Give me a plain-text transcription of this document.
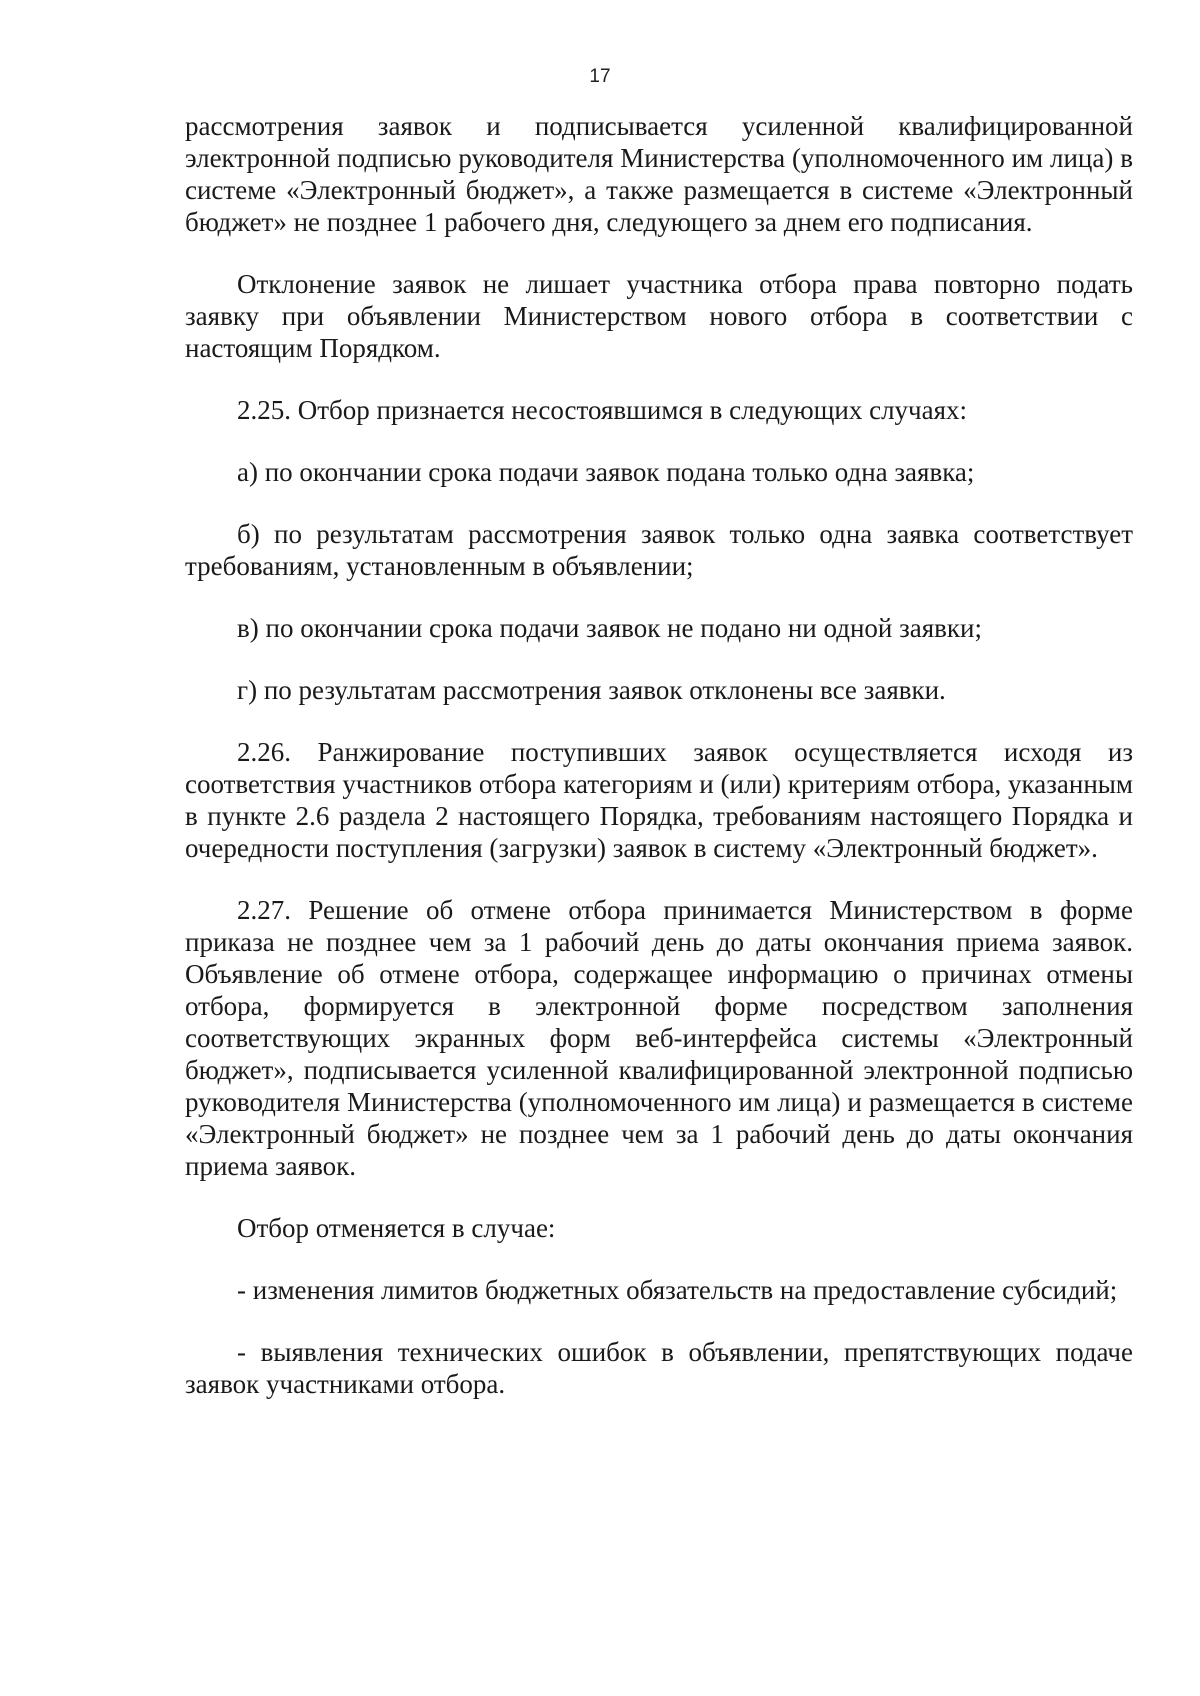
17

рассмотрения заявок и подписывается усиленной квалифицированной электронной подписью руководителя Министерства (уполномоченного им лица) в системе «Электронный бюджет», а также размещается в системе «Электронный бюджет» не позднее 1 рабочего дня, следующего за днем его подписания.

Отклонение заявок не лишает участника отбора права повторно подать заявку при объявлении Министерством нового отбора в соответствии с настоящим Порядком.

2.25. Отбор признается несостоявшимся в следующих случаях:

а) по окончании срока подачи заявок подана только одна заявка;

б) по результатам рассмотрения заявок только одна заявка соответствует требованиям, установленным в объявлении;

в) по окончании срока подачи заявок не подано ни одной заявки;

г) по результатам рассмотрения заявок отклонены все заявки.

2.26. Ранжирование поступивших заявок осуществляется исходя из соответствия участников отбора категориям и (или) критериям отбора, указанным в пункте 2.6 раздела 2 настоящего Порядка, требованиям настоящего Порядка и очередности поступления (загрузки) заявок в систему «Электронный бюджет».

2.27. Решение об отмене отбора принимается Министерством в форме приказа не позднее чем за 1 рабочий день до даты окончания приема заявок. Объявление об отмене отбора, содержащее информацию о причинах отмены отбора, формируется в электронной форме посредством заполнения соответствующих экранных форм веб-интерфейса системы «Электронный бюджет», подписывается усиленной квалифицированной электронной подписью руководителя Министерства (уполномоченного им лица) и размещается в системе «Электронный бюджет» не позднее чем за 1 рабочий день до даты окончания приема заявок.

Отбор отменяется в случае:

- изменения лимитов бюджетных обязательств на предоставление субсидий;

- выявления технических ошибок в объявлении, препятствующих подаче заявок участниками отбора.
